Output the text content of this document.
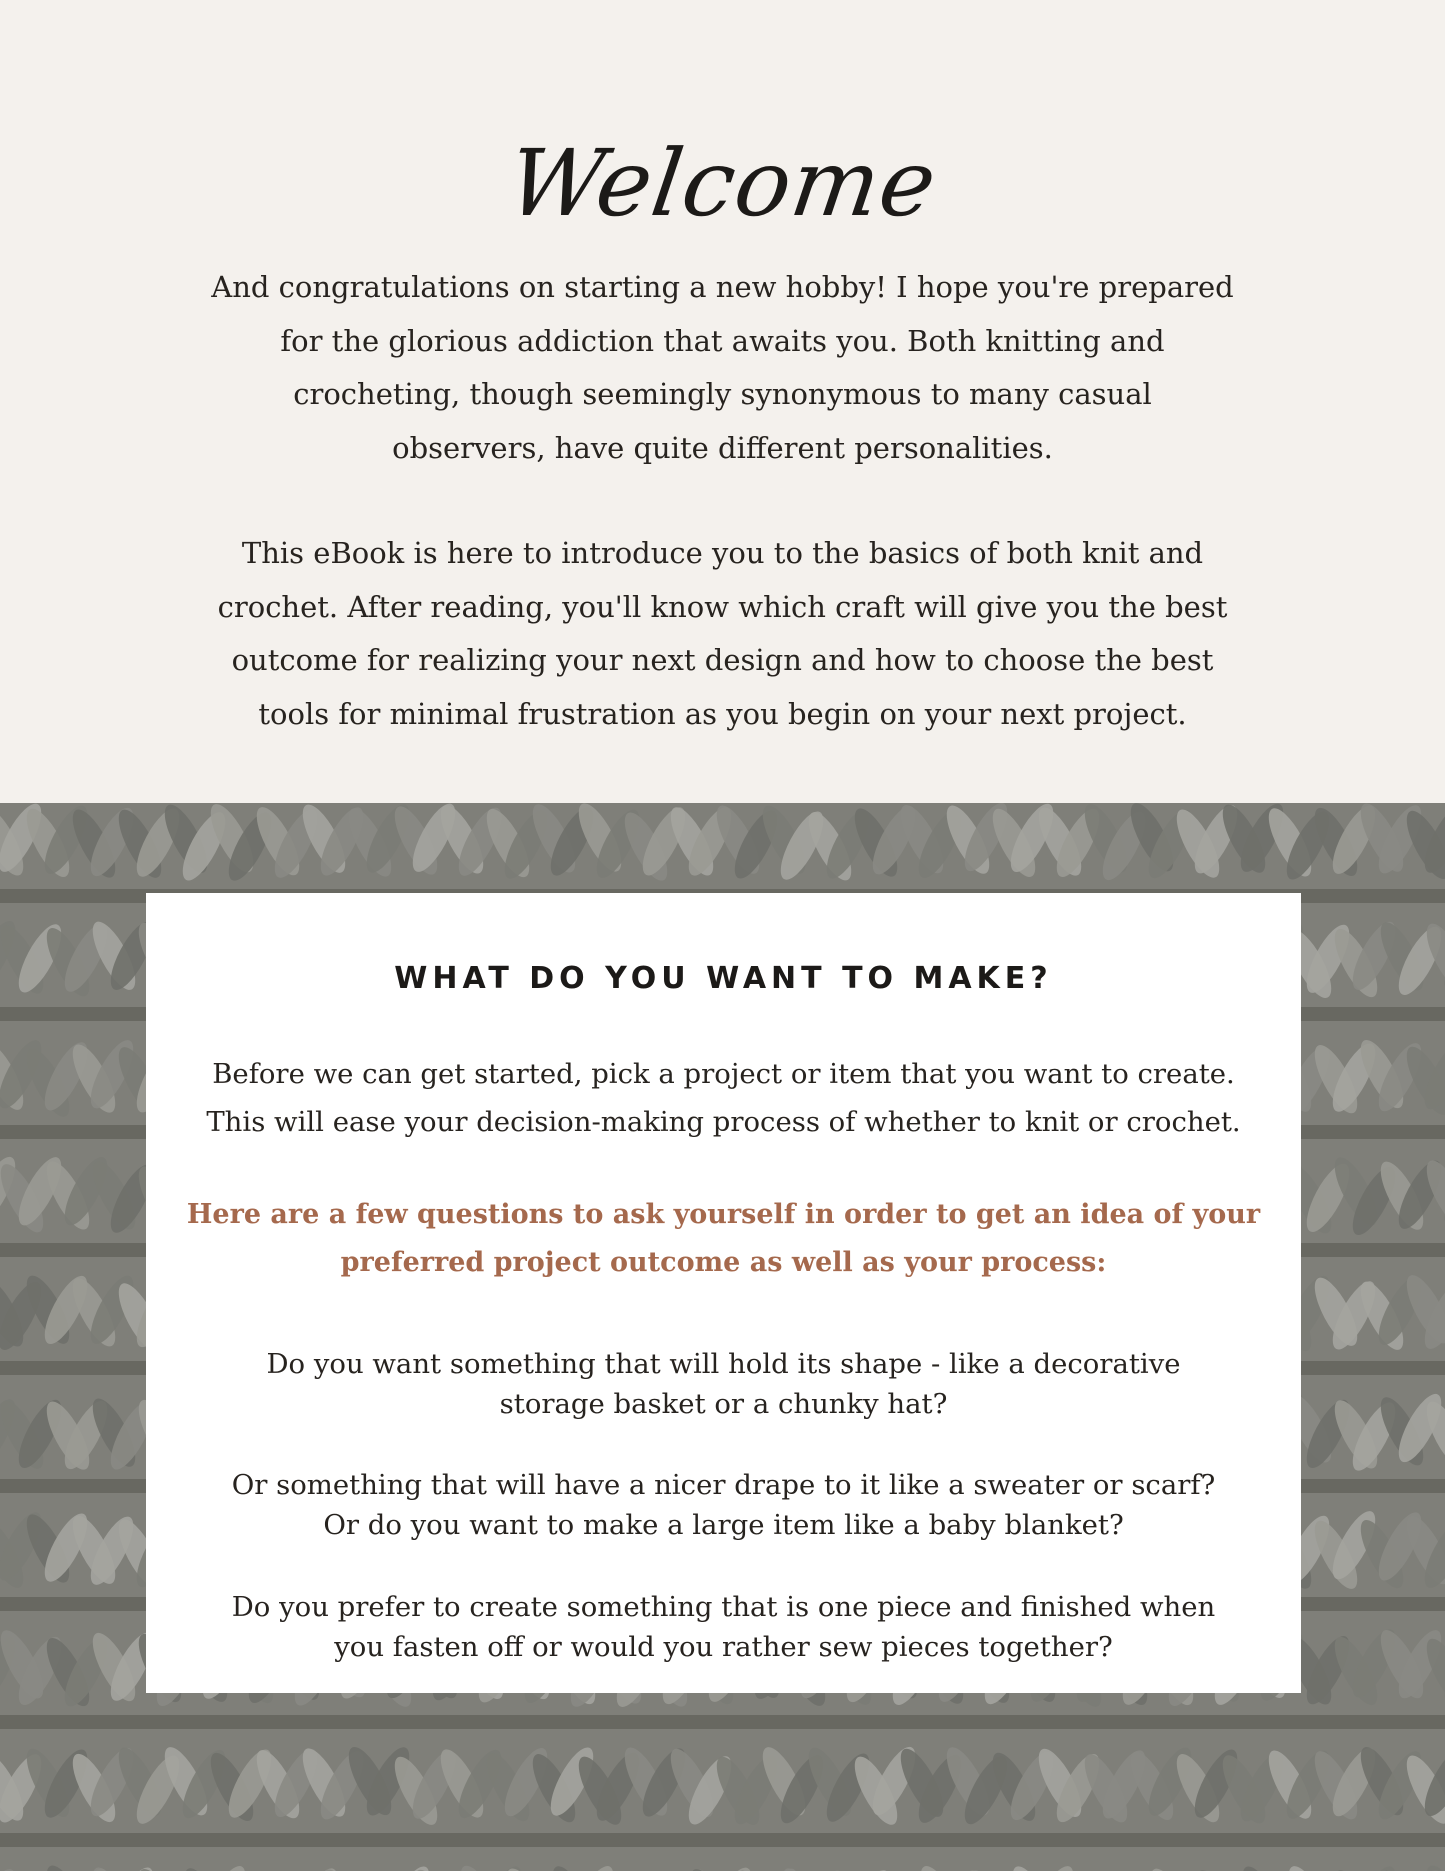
Welcome

And congratulations on starting a new hobby! I hope you're prepared
for the glorious addiction that awaits you. Both knitting and
crocheting, though seemingly synonymous to many casual
observers, have quite different personalities.

This eBook is here to introduce you to the basics of both knit and
crochet. After reading, you'll know which craft will give you the best
outcome for realizing your next design and how to choose the best
tools for minimal frustration as you begin on your next project.

WHAT DO YOU WANT TO MAKE?

Before we can get started, pick a project or item that you want to create.
This will ease your decision-making process of whether to knit or crochet.

Here are a few questions to ask yourself in order to get an idea of your
preferred project outcome as well as your process:

Do you want something that will hold its shape - like a decorative
storage basket or a chunky hat?

Or something that will have a nicer drape to it like a sweater or scarf?
Or do you want to make a large item like a baby blanket?

Do you prefer to create something that is one piece and finished when
you fasten off or would you rather sew pieces together?
